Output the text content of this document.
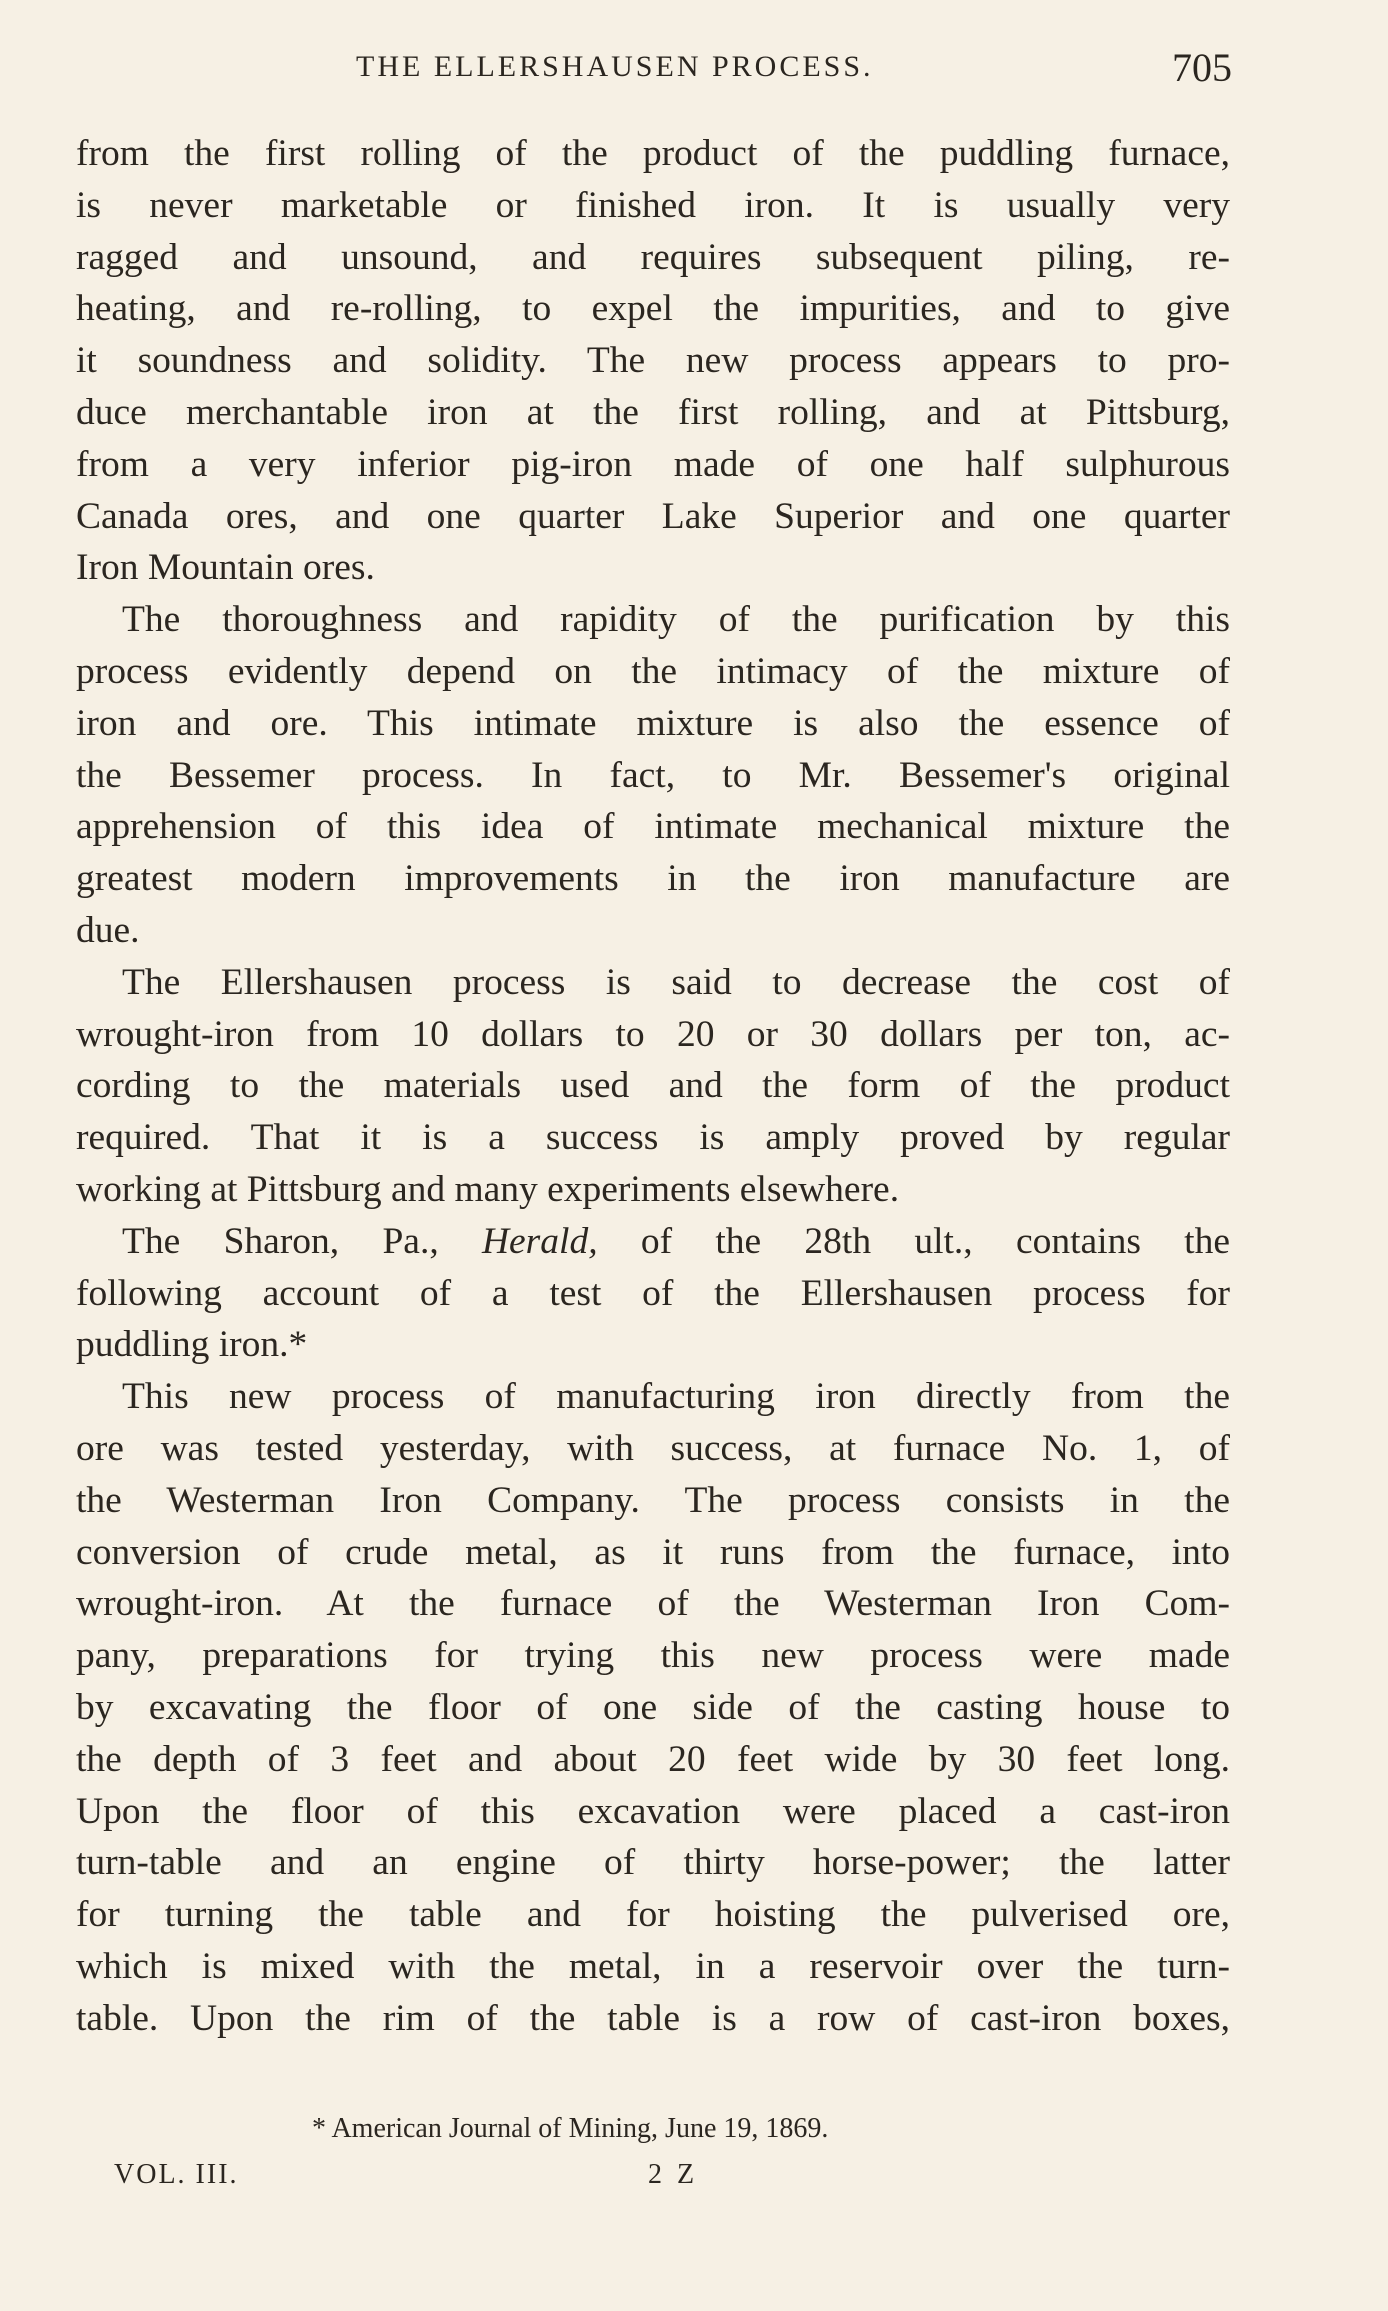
THE ELLERSHAUSEN PROCESS.	705
from the first rolling of the product of the puddling furnace,
is never marketable or finished iron. It is usually very
ragged and unsound, and requires subsequent piling, re-
heating, and re-rolling, to expel the impurities, and to give
it soundness and solidity. The new process appears to pro-
duce merchantable iron at the first rolling, and at Pittsburg,
from a very inferior pig-iron made of one half sulphurous
Canada ores, and one quarter Lake Superior and one quarter
Iron Mountain ores.
The thoroughness and rapidity of the purification by this
process evidently depend on the intimacy of the mixture of
iron and ore. This intimate mixture is also the essence of
the Bessemer process. In fact, to Mr. Bessemer's original
apprehension of this idea of intimate mechanical mixture the
greatest modern improvements in the iron manufacture are
due.
The Ellershausen process is said to decrease the cost of
wrought-iron from 10 dollars to 20 or 30 dollars per ton, ac-
cording to the materials used and the form of the product
required. That it is a success is amply proved by regular
working at Pittsburg and many experiments elsewhere.
The Sharon, Pa., Herald, of the 28th ult., contains the
following account of a test of the Ellershausen process for
puddling iron.*
This new process of manufacturing iron directly from the
ore was tested yesterday, with success, at furnace No. 1, of
the Westerman Iron Company. The process consists in the
conversion of crude metal, as it runs from the furnace, into
wrought-iron. At the furnace of the Westerman Iron Com-
pany, preparations for trying this new process were made
by excavating the floor of one side of the casting house to
the depth of 3 feet and about 20 feet wide by 30 feet long.
Upon the floor of this excavation were placed a cast-iron
turn-table and an engine of thirty horse-power; the latter
for turning the table and for hoisting the pulverised ore,
which is mixed with the metal, in a reservoir over the turn-
table. Upon the rim of the table is a row of cast-iron boxes,
* American Journal of Mining, June 19, 1869.
VOL. III.	2 Z
